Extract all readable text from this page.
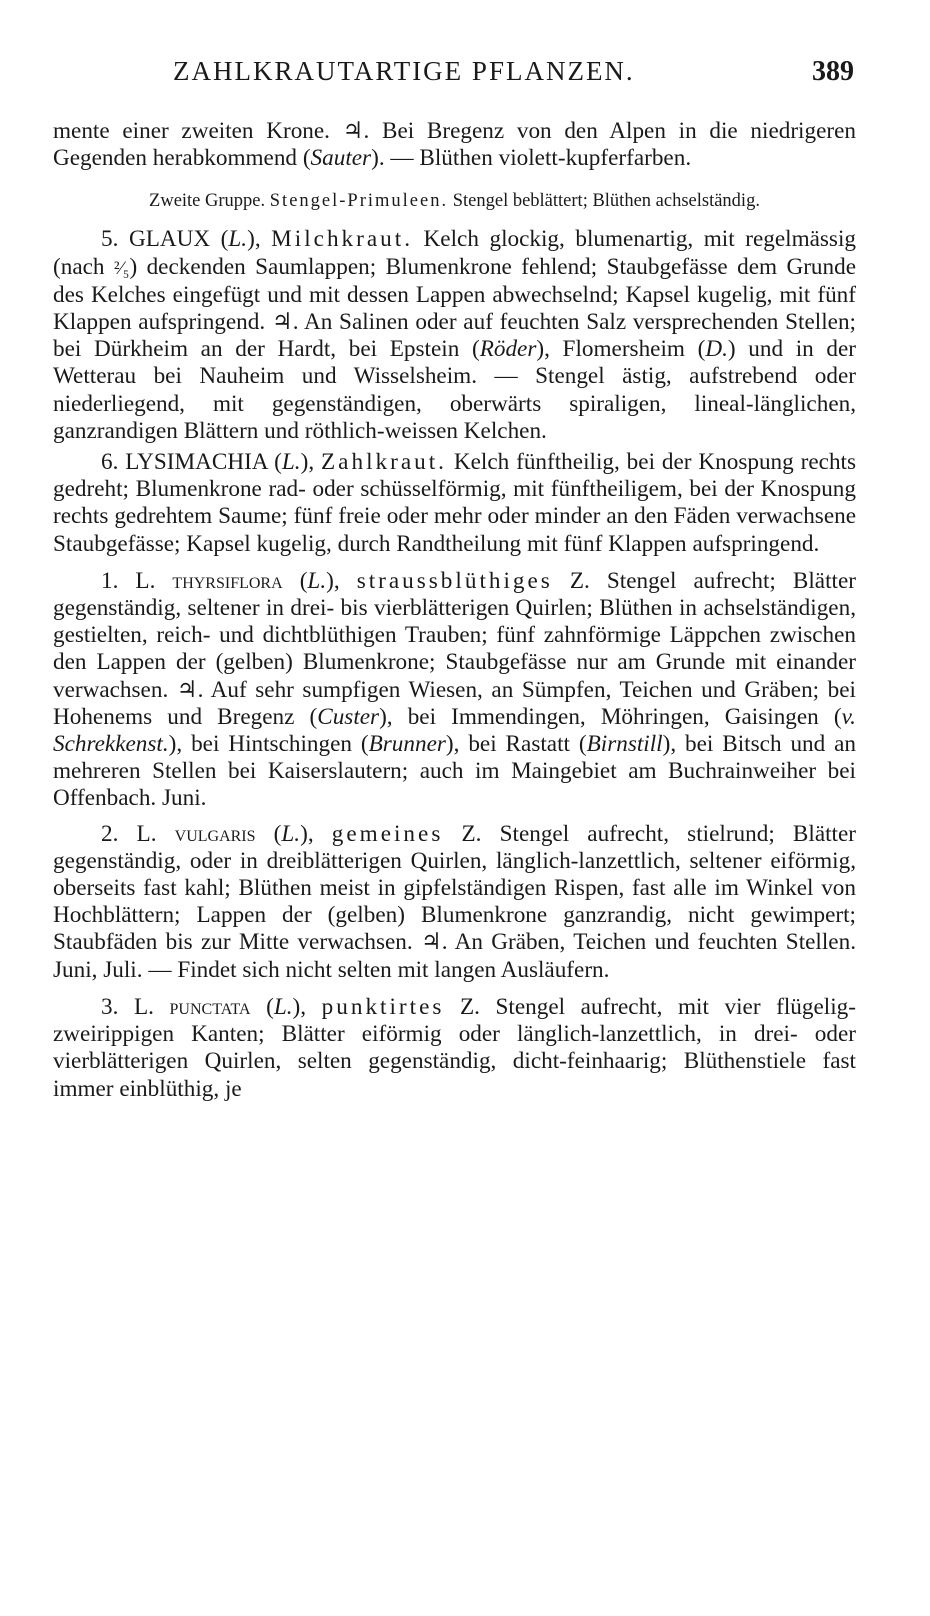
ZAHLKRAUTARTIGE PFLANZEN.	389

mente einer zweiten Krone. ♃. Bei Bregenz von den Alpen in die niedrigeren Gegenden herabkommend (Sauter). — Blüthen violett-kupferfarben.

Zweite Gruppe. Stengel-Primuleen. Stengel beblättert; Blüthen achselständig.

5. GLAUX (L.), Milchkraut. Kelch glockig, blumenartig, mit regelmässig (nach ²⁄₅) deckenden Saumlappen; Blumenkrone fehlend; Staubgefässe dem Grunde des Kelches eingefügt und mit dessen Lappen abwechselnd; Kapsel kugelig, mit fünf Klappen aufspringend. ♃. An Salinen oder auf feuchten Salz versprechenden Stellen; bei Dürkheim an der Hardt, bei Epstein (Röder), Flomersheim (D.) und in der Wetterau bei Nauheim und Wisselsheim. — Stengel ästig, aufstrebend oder niederliegend, mit gegenständigen, oberwärts spiraligen, lineal-länglichen, ganzrandigen Blättern und röthlich-weissen Kelchen.

6. LYSIMACHIA (L.), Zahlkraut. Kelch fünftheilig, bei der Knospung rechts gedreht; Blumenkrone rad- oder schüsselförmig, mit fünftheiligem, bei der Knospung rechts gedrehtem Saume; fünf freie oder mehr oder minder an den Fäden verwachsene Staubgefässe; Kapsel kugelig, durch Randtheilung mit fünf Klappen aufspringend.

1. L. thyrsiflora (L.), straussblüthiges Z. Stengel aufrecht; Blätter gegenständig, seltener in drei- bis vierblätterigen Quirlen; Blüthen in achselständigen, gestielten, reich- und dichtblüthigen Trauben; fünf zahnförmige Läppchen zwischen den Lappen der (gelben) Blumenkrone; Staubgefässe nur am Grunde mit einander verwachsen. ♃. Auf sehr sumpfigen Wiesen, an Sümpfen, Teichen und Gräben; bei Hohenems und Bregenz (Custer), bei Immendingen, Möhringen, Gaisingen (v. Schrekkenst.), bei Hintschingen (Brunner), bei Rastatt (Birnstill), bei Bitsch und an mehreren Stellen bei Kaiserslautern; auch im Maingebiet am Buchrainweiher bei Offenbach. Juni.

2. L. vulgaris (L.), gemeines Z. Stengel aufrecht, stielrund; Blätter gegenständig, oder in dreiblätterigen Quirlen, länglich-lanzettlich, seltener eiförmig, oberseits fast kahl; Blüthen meist in gipfelständigen Rispen, fast alle im Winkel von Hochblättern; Lappen der (gelben) Blumenkrone ganzrandig, nicht gewimpert; Staubfäden bis zur Mitte verwachsen. ♃. An Gräben, Teichen und feuchten Stellen. Juni, Juli. — Findet sich nicht selten mit langen Ausläufern.

3. L. punctata (L.), punktirtes Z. Stengel aufrecht, mit vier flügelig-zweirippigen Kanten; Blätter eiförmig oder länglich-lanzettlich, in drei- oder vierblätterigen Quirlen, selten gegenständig, dicht-feinhaarig; Blüthenstiele fast immer einblüthig, je
